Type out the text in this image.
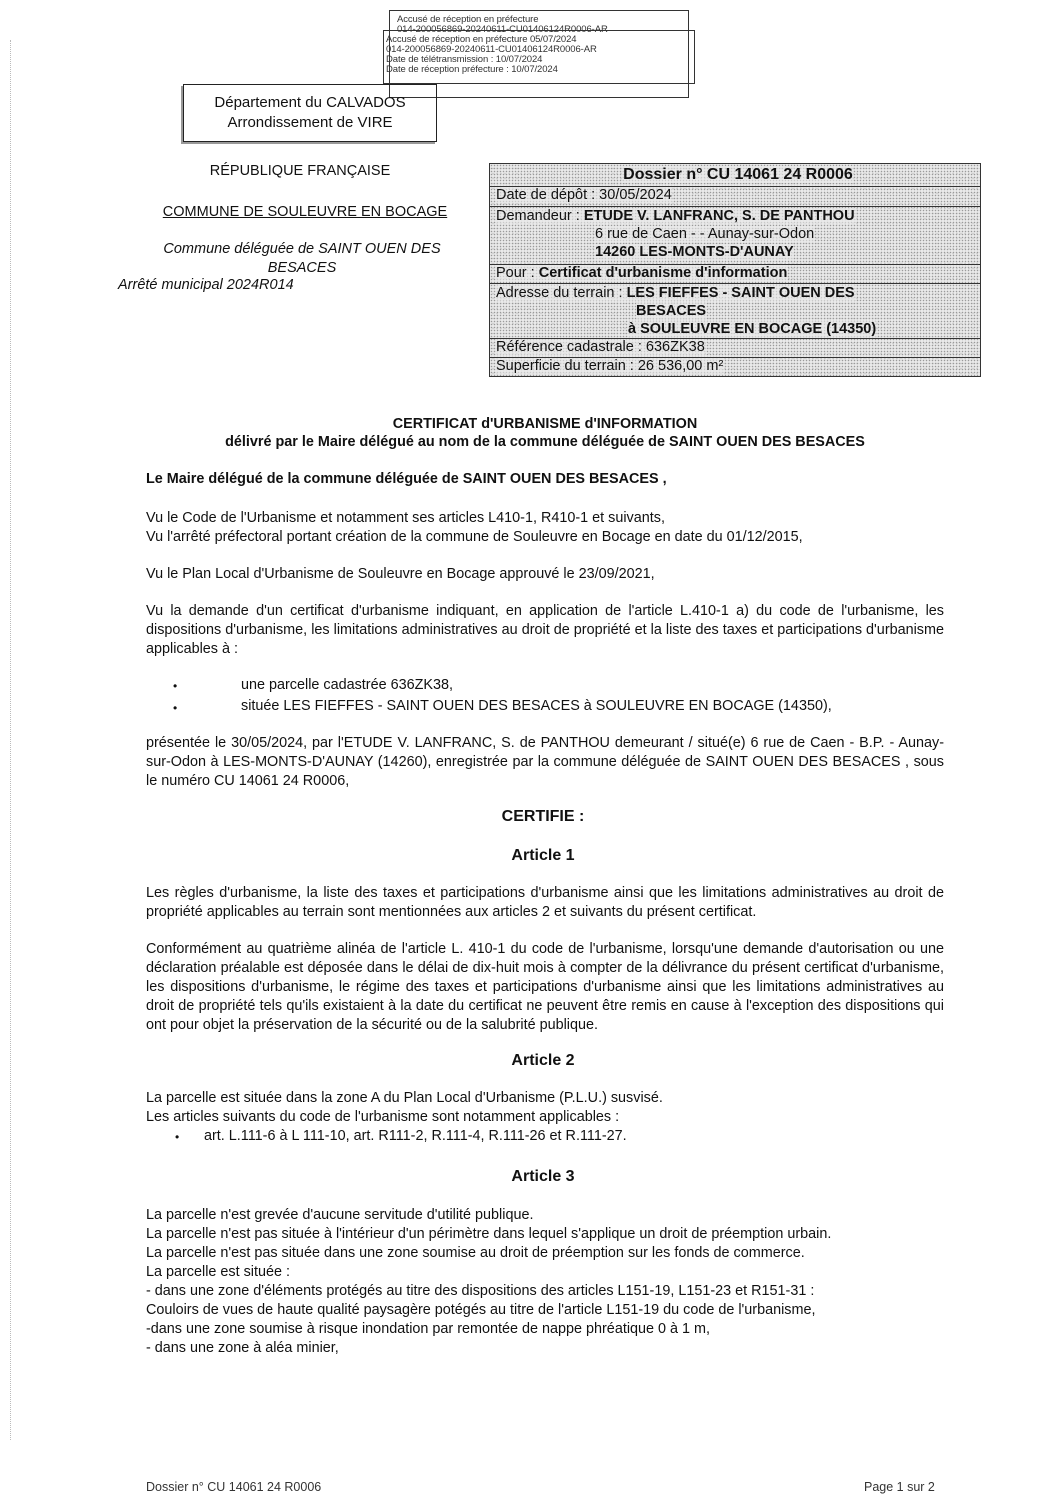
Accusé de réception en préfecture
014-200056869-20240611-CU01406124R0006-AR
Accusé de réception en préfecture 05/07/2024
014-200056869-20240611-CU01406124R0006-AR
Date de télétransmission : 10/07/2024
Date de réception préfecture : 10/07/2024
Département du CALVADOS
Arrondissement de VIRE
RÉPUBLIQUE FRANÇAISE
COMMUNE DE SOULEUVRE EN BOCAGE
Commune déléguée de SAINT OUEN DES BESACES
Arrêté municipal 2024R014
Dossier n° CU 14061 24 R0006
Date de dépôt : 30/05/2024
Demandeur : ETUDE V. LANFRANC, S. DE PANTHOU
6 rue de Caen - - Aunay-sur-Odon
14260 LES-MONTS-D'AUNAY
Pour : Certificat d'urbanisme d'information
Adresse du terrain : LES FIEFFES - SAINT OUEN DES
BESACES
à SOULEUVRE EN BOCAGE (14350)
Référence cadastrale : 636ZK38
Superficie du terrain : 26 536,00 m²
CERTIFICAT d'URBANISME d'INFORMATION
délivré par le Maire délégué au nom de la commune déléguée de SAINT OUEN DES BESACES
Le Maire délégué de la commune déléguée de SAINT OUEN DES BESACES ,
Vu le Code de l'Urbanisme et notamment ses articles L410-1, R410-1 et suivants,
Vu l'arrêté préfectoral portant création de la commune de Souleuvre en Bocage en date du 01/12/2015,
Vu le Plan Local d'Urbanisme de Souleuvre en Bocage approuvé le 23/09/2021,
Vu la demande d'un certificat d'urbanisme indiquant, en application de l'article L.410-1 a) du code de l'urbanisme, les dispositions d'urbanisme, les limitations administratives au droit de propriété et la liste des taxes et participations d'urbanisme applicables à :
•	une parcelle cadastrée 636ZK38,
•	située LES FIEFFES - SAINT OUEN DES BESACES à SOULEUVRE EN BOCAGE (14350),
présentée le 30/05/2024, par l'ETUDE V. LANFRANC, S. de PANTHOU demeurant / situé(e) 6 rue de Caen - B.P. - Aunay-sur-Odon à LES-MONTS-D'AUNAY (14260), enregistrée par la commune déléguée de SAINT OUEN DES BESACES , sous le numéro CU 14061 24 R0006,
CERTIFIE :
Article 1
Les règles d'urbanisme, la liste des taxes et participations d'urbanisme ainsi que les limitations administratives au droit de propriété applicables au terrain sont mentionnées aux articles 2 et suivants du présent certificat.
Conformément au quatrième alinéa de l'article L. 410-1 du code de l'urbanisme, lorsqu'une demande d'autorisation ou une déclaration préalable est déposée dans le délai de dix-huit mois à compter de la délivrance du présent certificat d'urbanisme, les dispositions d'urbanisme, le régime des taxes et participations d'urbanisme ainsi que les limitations administratives au droit de propriété tels qu'ils existaient à la date du certificat ne peuvent être remis en cause à l'exception des dispositions qui ont pour objet la préservation de la sécurité ou de la salubrité publique.
Article 2
La parcelle est située dans la zone A du Plan Local d'Urbanisme (P.L.U.) susvisé.
Les articles suivants du code de l'urbanisme sont notamment applicables :
• art. L.111-6 à L 111-10, art. R111-2, R.111-4, R.111-26 et R.111-27.
Article 3
La parcelle n'est grevée d'aucune servitude d'utilité publique.
La parcelle n'est pas située à l'intérieur d'un périmètre dans lequel s'applique un droit de préemption urbain.
La parcelle n'est pas située dans une zone soumise au droit de préemption sur les fonds de commerce.
La parcelle est située :
- dans une zone d'éléments protégés au titre des dispositions des articles L151-19, L151-23 et R151-31 :
Couloirs de vues de haute qualité paysagère potégés au titre de l'article L151-19 du code de l'urbanisme,
-dans une zone soumise à risque inondation par remontée de nappe phréatique 0 à 1 m,
- dans une zone à aléa minier,
Dossier n° CU 14061 24 R0006	Page 1 sur 2
